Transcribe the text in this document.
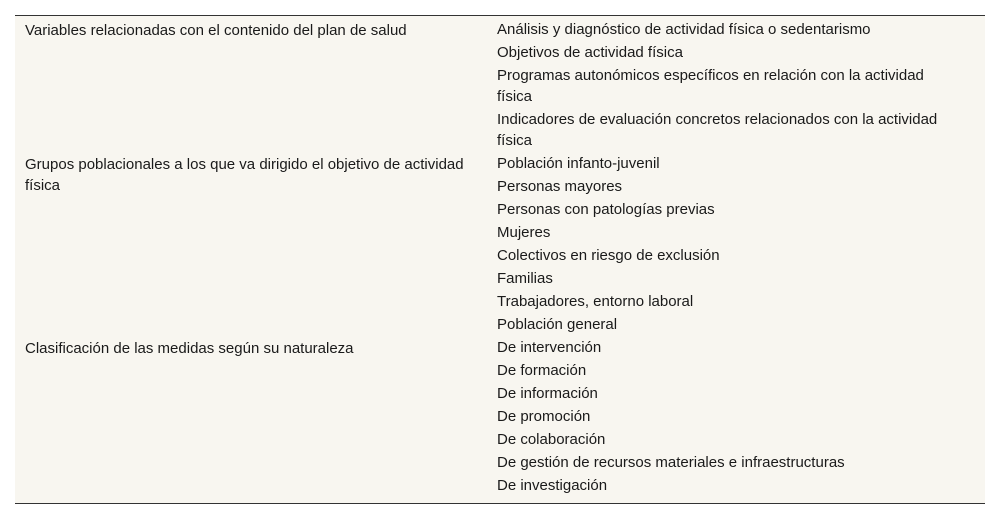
Variables relacionadas con el contenido del plan de salud	Análisis y diagnóstico de actividad física o sedentarismo
Objetivos de actividad física
Programas autonómicos específicos en relación con la actividad física
Indicadores de evaluación concretos relacionados con la actividad física
Grupos poblacionales a los que va dirigido el objetivo de actividad física
Población infanto-juvenil
Personas mayores
Personas con patologías previas
Mujeres
Colectivos en riesgo de exclusión
Familias
Trabajadores, entorno laboral
Población general
Clasificación de las medidas según su naturaleza	De intervención
De formación
De información
De promoción
De colaboración
De gestión de recursos materiales e infraestructuras
De investigación
